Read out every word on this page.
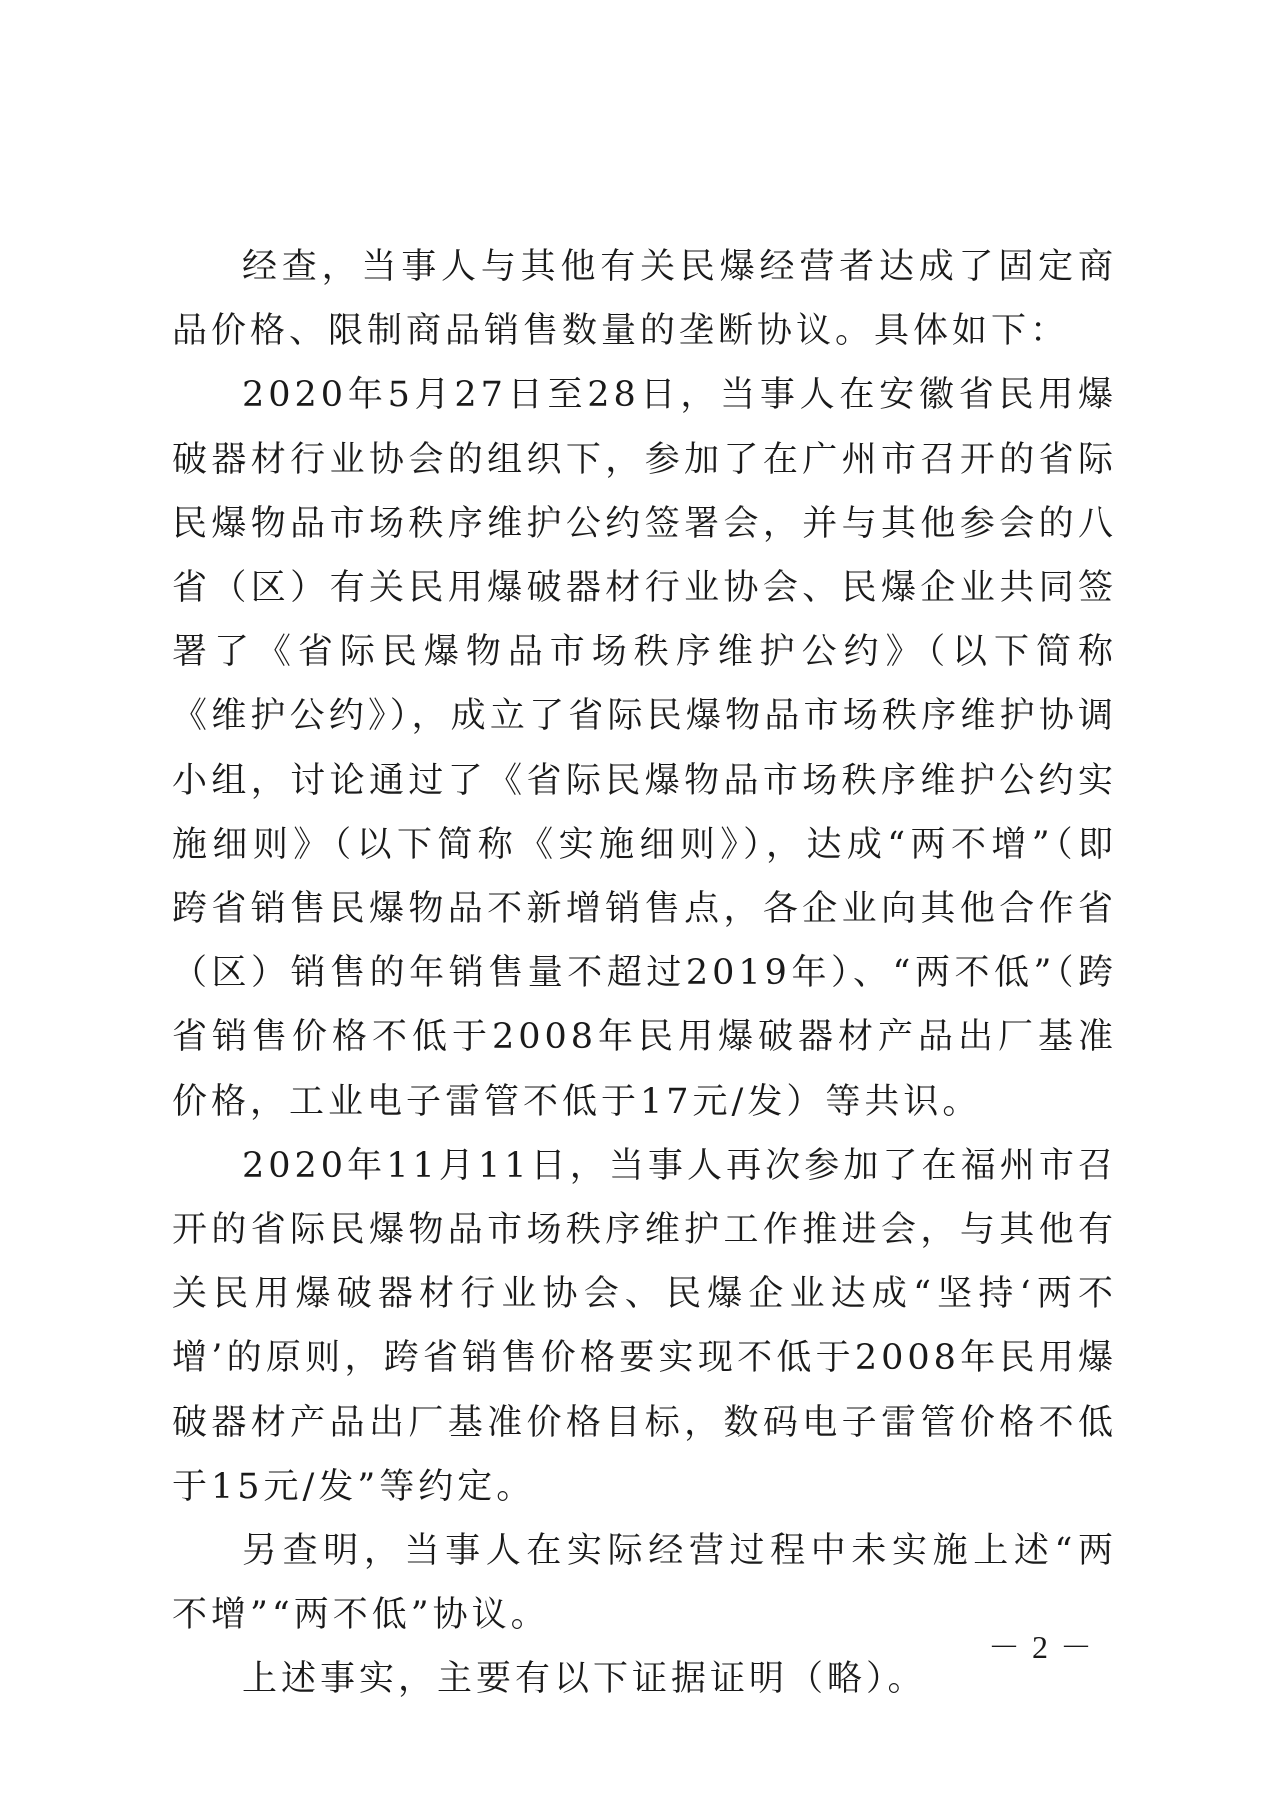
经查，当事人与其他有关民爆经营者达成了固定商品价格、限制商品销售数量的垄断协议。具体如下：

2020年5月27日至28日，当事人在安徽省民用爆破器材行业协会的组织下，参加了在广州市召开的省际民爆物品市场秩序维护公约签署会，并与其他参会的八省（区）有关民用爆破器材行业协会、民爆企业共同签署了《省际民爆物品市场秩序维护公约》（以下简称《维护公约》），成立了省际民爆物品市场秩序维护协调小组，讨论通过了《省际民爆物品市场秩序维护公约实施细则》（以下简称《实施细则》），达成“两不增”（即跨省销售民爆物品不新增销售点，各企业向其他合作省（区）销售的年销售量不超过2019年）、“两不低”（跨省销售价格不低于2008年民用爆破器材产品出厂基准价格，工业电子雷管不低于17元/发）等共识。

2020年11月11日，当事人再次参加了在福州市召开的省际民爆物品市场秩序维护工作推进会，与其他有关民用爆破器材行业协会、民爆企业达成“坚持‘两不增’的原则，跨省销售价格要实现不低于2008年民用爆破器材产品出厂基准价格目标，数码电子雷管价格不低于15元/发”等约定。

另查明，当事人在实际经营过程中未实施上述“两不增”“两不低”协议。

上述事实，主要有以下证据证明（略）。

－ 2 －
